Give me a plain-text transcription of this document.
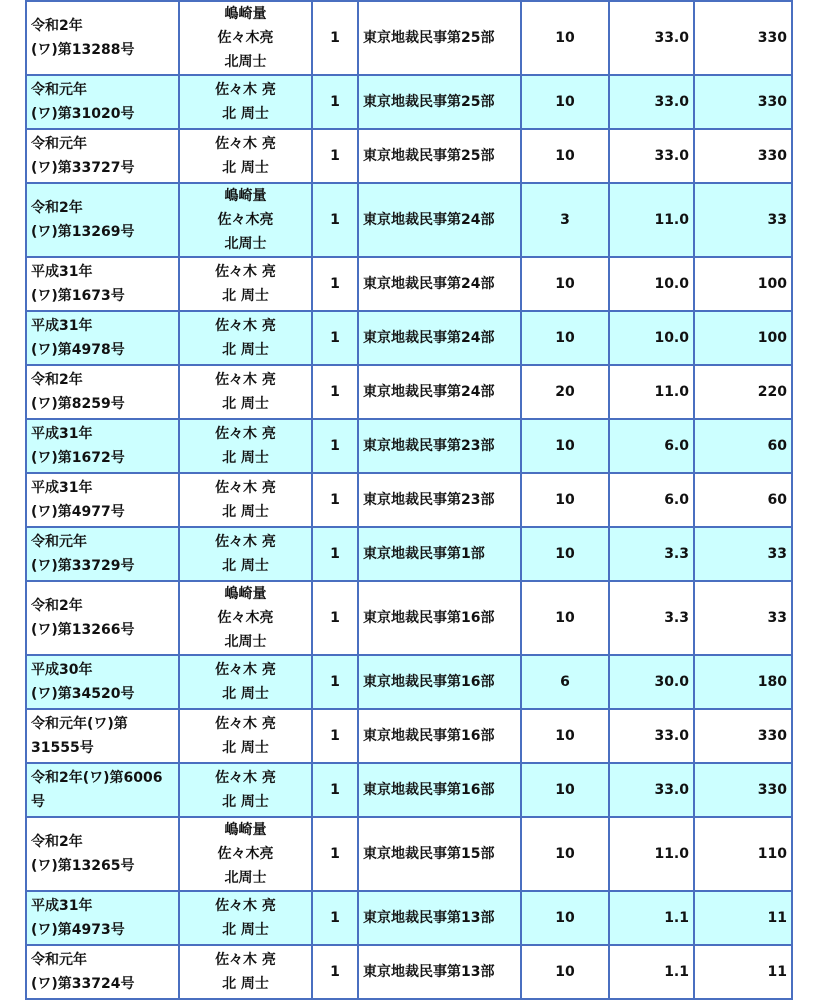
令和2年
(ワ)第13288号	嶋崎量
佐々木亮
北周士	1	東京地裁民事第25部	10	33.0	330

令和元年
(ワ)第31020号	佐々木 亮
北 周士	1	東京地裁民事第25部	10	33.0	330

令和元年
(ワ)第33727号	佐々木 亮
北 周士	1	東京地裁民事第25部	10	33.0	330

令和2年
(ワ)第13269号	嶋崎量
佐々木亮
北周士	1	東京地裁民事第24部	3	11.0	33

平成31年
(ワ)第1673号	佐々木 亮
北 周士	1	東京地裁民事第24部	10	10.0	100

平成31年
(ワ)第4978号	佐々木 亮
北 周士	1	東京地裁民事第24部	10	10.0	100

令和2年
(ワ)第8259号	佐々木 亮
北 周士	1	東京地裁民事第24部	20	11.0	220

平成31年
(ワ)第1672号	佐々木 亮
北 周士	1	東京地裁民事第23部	10	6.0	60

平成31年
(ワ)第4977号	佐々木 亮
北 周士	1	東京地裁民事第23部	10	6.0	60

令和元年
(ワ)第33729号	佐々木 亮
北 周士	1	東京地裁民事第1部	10	3.3	33

令和2年
(ワ)第13266号	嶋崎量
佐々木亮
北周士	1	東京地裁民事第16部	10	3.3	33

平成30年
(ワ)第34520号	佐々木 亮
北 周士	1	東京地裁民事第16部	6	30.0	180

令和元年(ワ)第
31555号	佐々木 亮
北 周士	1	東京地裁民事第16部	10	33.0	330

令和2年(ワ)第6006
号	佐々木 亮
北 周士	1	東京地裁民事第16部	10	33.0	330

令和2年
(ワ)第13265号	嶋崎量
佐々木亮
北周士	1	東京地裁民事第15部	10	11.0	110

平成31年
(ワ)第4973号	佐々木 亮
北 周士	1	東京地裁民事第13部	10	1.1	11

令和元年
(ワ)第33724号	佐々木 亮
北 周士	1	東京地裁民事第13部	10	1.1	11
